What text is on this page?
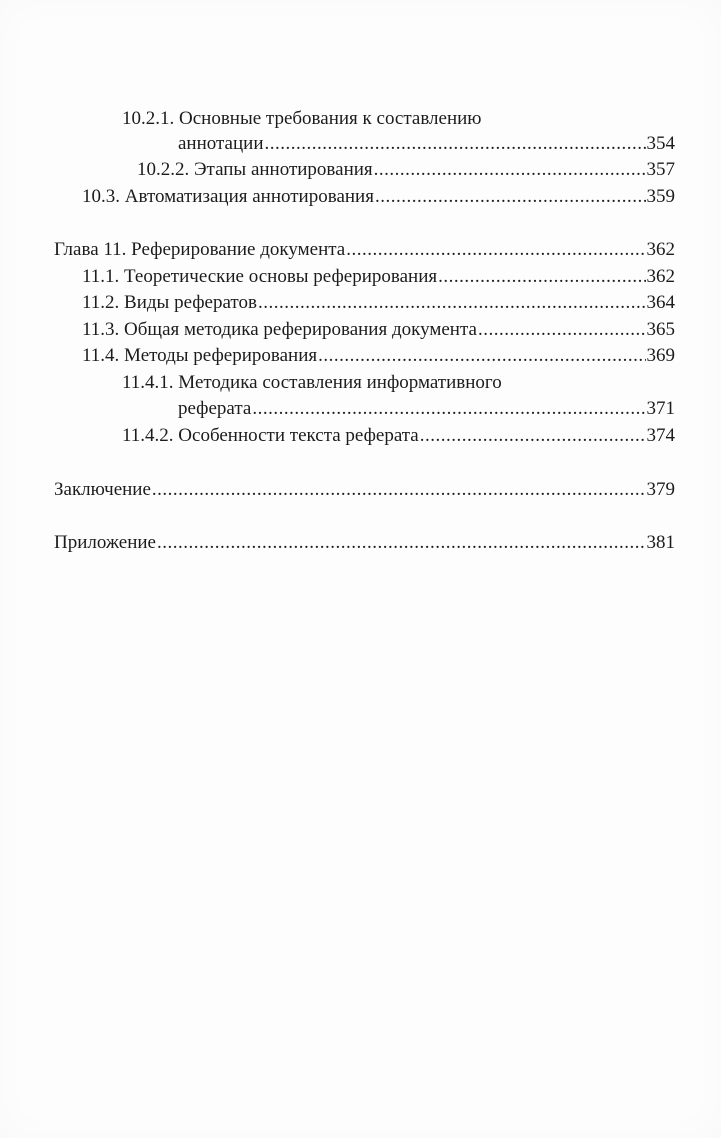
10.2.1. Основные требования к составлению
аннотации .....	354
10.2.2. Этапы аннотирования .....	357
10.3. Автоматизация аннотирования .....	359
Глава 11. Реферирование документа .....	362
11.1. Теоретические основы реферирования .....	362
11.2. Виды рефератов .....	364
11.3. Общая методика реферирования документа .....	365
11.4. Методы реферирования .....	369
11.4.1. Методика составления информативного
реферата .....	371
11.4.2. Особенности текста реферата .....	374
Заключение .....	379
Приложение .....	381
